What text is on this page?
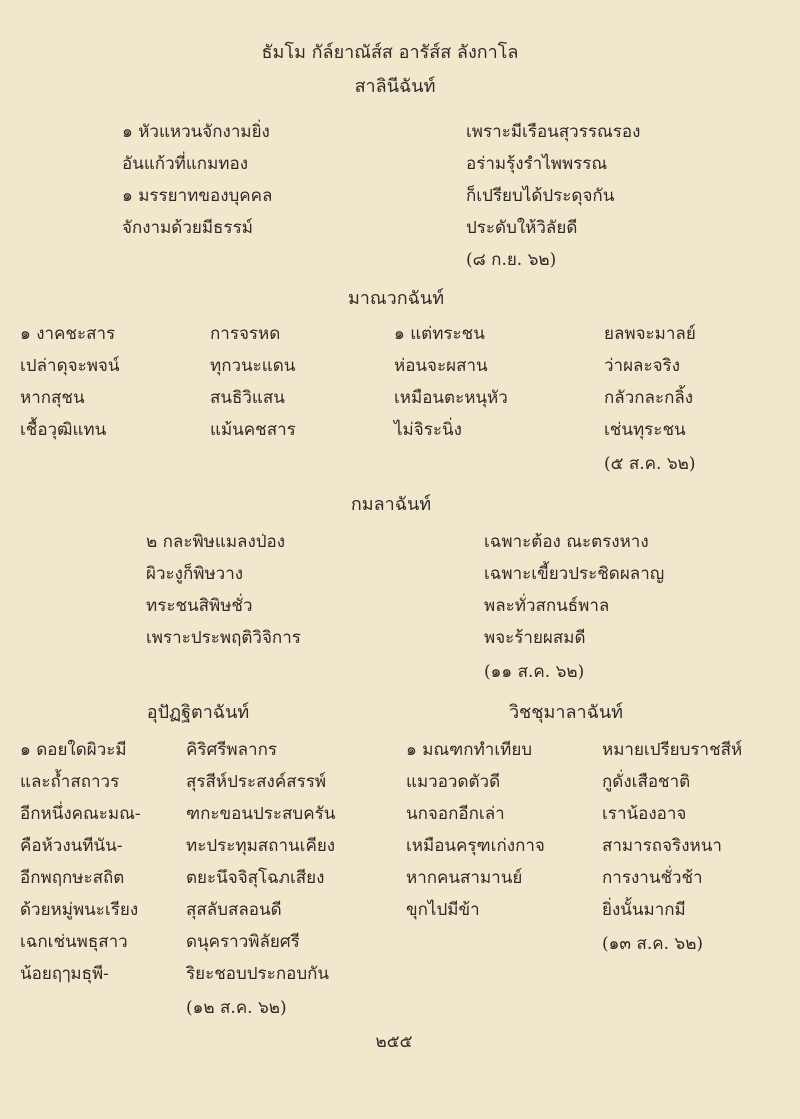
ธัมโม กัล์ยาณัส์ส อารัส์ส ลังกาโล
สาลินีฉันท์
๑ หัวแหวนจักงามยิ่ง
อันแก้วที่แกมทอง
๑ มรรยาทของบุคคล
จักงามด้วยมีธรรม์
เพราะมีเรือนสุวรรณรอง
อร่ามรุ้งรำไพพรรณ
ก็เปรียบได้ประดุจกัน
ประดับให้วิลัยดี
(๘ ก.ย. ๖๒)
มาณวกฉันท์
๑ งาคชะสาร
เปล่าดุจะพจน์
หากสุชน
เชื้อวุฒิแทน
การจรหด
ทุกวนะแดน
สนธิวิแสน
แม้นคชสาร
๑ แต่ทระชน
ห่อนจะผสาน
เหมือนตะหนุหัว
ไม่จิระนิ่ง
ยลพจะมาลย์
ว่าผละจริง
กลัวกละกลิ้ง
เช่นทุระชน
(๕ ส.ค. ๖๒)
กมลาฉันท์
๒ กละพิษแมลงป่อง
ผิวะงูก็พิษวาง
ทระชนสิพิษชั่ว
เพราะประพฤติวิจิการ
เฉพาะต้อง ณะตรงหาง
เฉพาะเขี้ยวประชิดผลาญ
พละทั่วสกนธ์พาล
พจะร้ายผสมดี
(๑๑ ส.ค. ๖๒)
อุปัฏฐิตาฉันท์
๑ ดอยใดผิวะมี
และถ้ำสถาวร
อีกหนึ่งคณะมณ-
คือห้วงนทีนัน-
อีกพฤกษะสถิต
ด้วยหมู่พนะเรียง
เฉกเช่นพธุสาว
น้อยฤๅมธุพี-
คิริศรีพลากร
สุรสีห์ประสงค์สรรพ์
ฑกะขอนประสบครัน
ทะประทุมสถานเคียง
ตยะนึจจิสุโฉภเสียง
สุสลับสลอนดี
ดนุคราวพิลัยศรี
ริยะชอบประกอบกัน
(๑๒ ส.ค. ๖๒)
วิชชุมาลาฉันท์
๑ มณฑกทำเทียบ
แมวอวดตัวดี
นกจอกอีกเล่า
เหมือนครุฑเก่งกาจ
หากคนสามานย์
ขุกไปมีข้า
หมายเปรียบราชสีห์
กูดั่งเสือชาติ
เราน้องอาจ
สามารถจริงหนา
การงานชั่วช้า
ยิ่งนั้นมากมี
(๑๓ ส.ค. ๖๒)
๒๕๕
